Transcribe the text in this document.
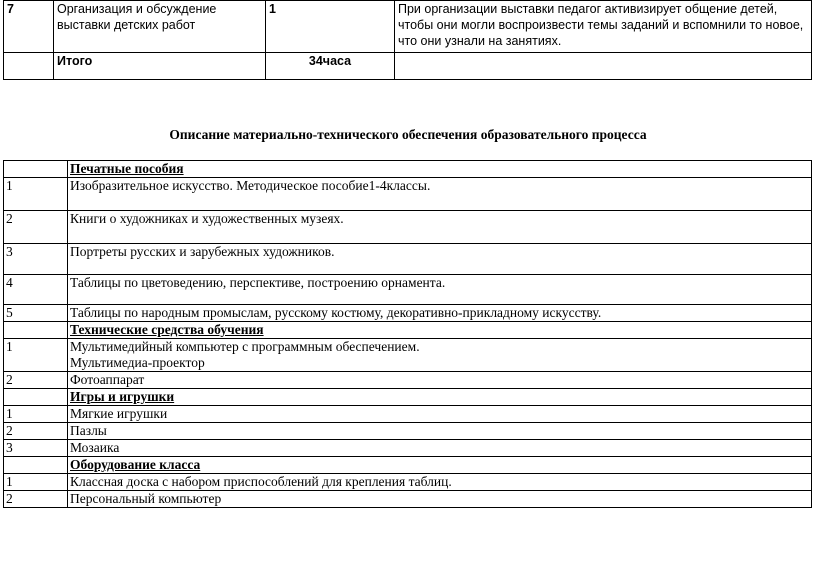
7	Организация и обсуждение
выставки детских работ	1	При организации выставки педагог активизирует общение детей, чтобы они могли воспроизвести темы заданий и вспомнили то новое, что они узнали на занятиях.
	Итого	34часа	
Описание материально-технического обеспечения образовательного процесса
	Печатные пособия
1	Изобразительное искусство. Методическое пособие1-4классы.
2	Книги о художниках и художественных музеях.
3	Портреты русских и зарубежных художников.
4	Таблицы по цветоведению, перспективе, построению орнамента.
5	Таблицы по народным промыслам, русскому костюму, декоративно-прикладному искусству.
	Технические средства обучения
1	Мультимедийный компьютер с программным обеспечением.
Мультимедиа-проектор

2	Фотоаппарат
	Игры и игрушки
1	Мягкие игрушки
2	Пазлы
3	Мозаика
	Оборудование класса
1	Классная доска с набором приспособлений для крепления таблиц.
2	Персональный компьютер
